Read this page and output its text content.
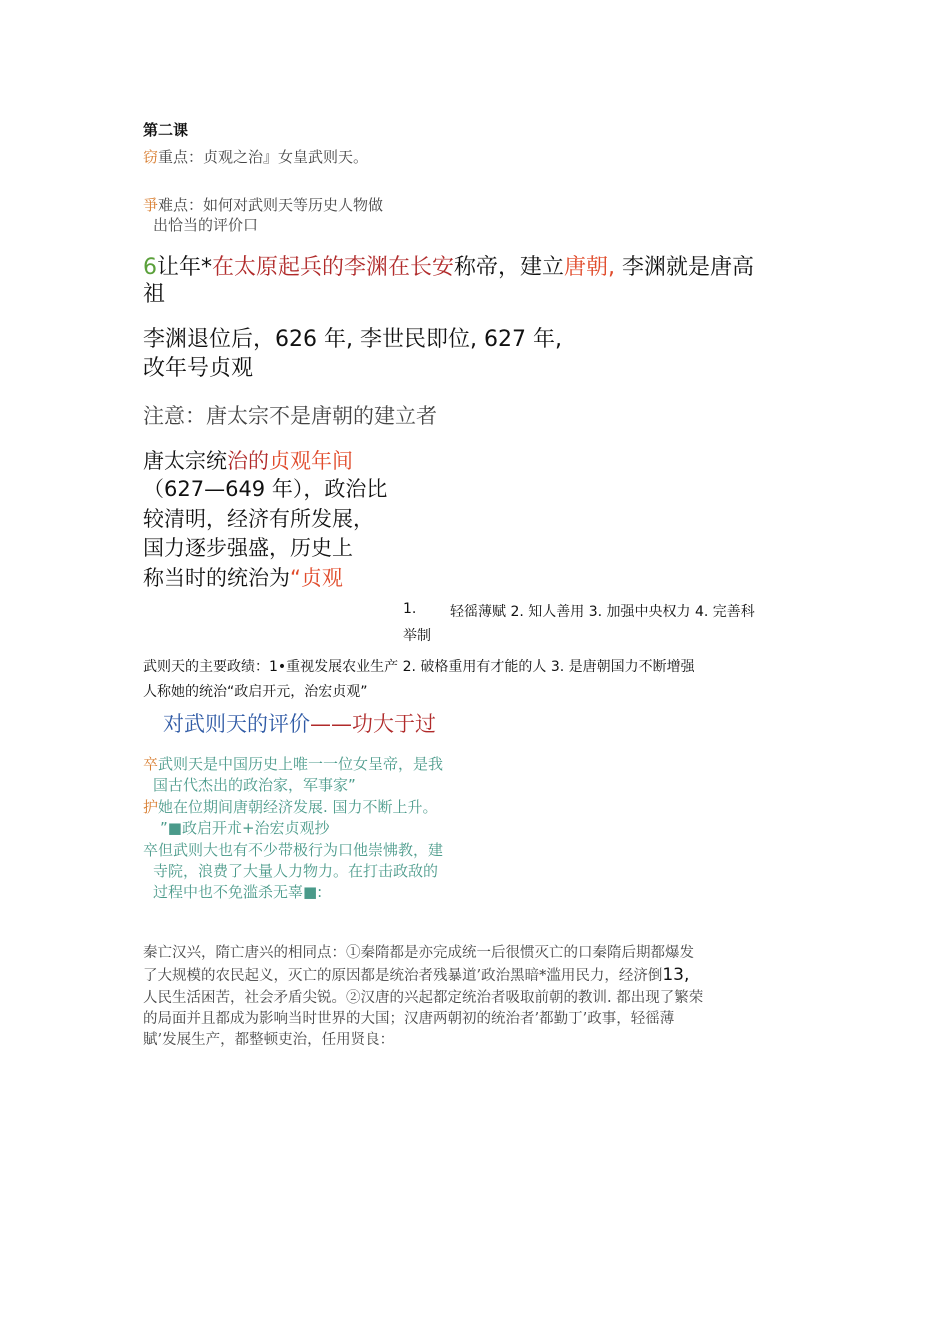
第二课
窃重点：贞观之治』女皇武则天。
爭难点：如何对武则天等历史人物做
出恰当的评价口
6让年*在太原起兵的李渊在长安称帝，建立唐朝, 李渊就是唐高
祖
李渊退位后，626 年, 李世民即位, 627 年,
改年号贞观
注意：唐太宗不是唐朝的建立者
唐太宗统治的贞观年间
（627—649 年），政治比
较清明，经济有所发展，
国力逐步强盛，历史上
称当时的统治为“贞观
1. 轻徭薄赋 2. 知人善用 3. 加强中央权力 4. 完善科
举制
武则天的主要政绩：1•重视发展农业生产 2. 破格重用有才能的人 3. 是唐朝国力不断增强
人称她的统治“政启开元，治宏贞观”
对武则天的评价——功大于过
卒武则天是中国历史上唯一一位女呈帝，是我
国古代杰出的政治家，军事家”
护她在位期间唐朝经济发展. 国力不断上升。
”■政启开朮+治宏贞观抄
卒但武则大也有不少带极行为口他崇怫教，建
寺院，浪费了大量人力物力。在打击政敌的
过程中也不免滥杀无辜■:
秦亡汉兴，隋亡唐兴的相同点：①秦隋都是亦完成统一后很惯灭亡的口秦隋后期都爆发
了大规模的农民起义，灭亡的原因都是统治者残暴道’政治黑暗*滥用民力，经济倒13,
人民生活困苦，社会矛盾尖锐。②汉唐的兴起都定统治者吸取前朝的教训. 都出现了繁荣
的局面并且都成为影响当时世界的大国；汉唐两朝初的统治者’都勤丁’政事，轻徭薄
賦’发展生产，都整顿吏治，任用贤良：
